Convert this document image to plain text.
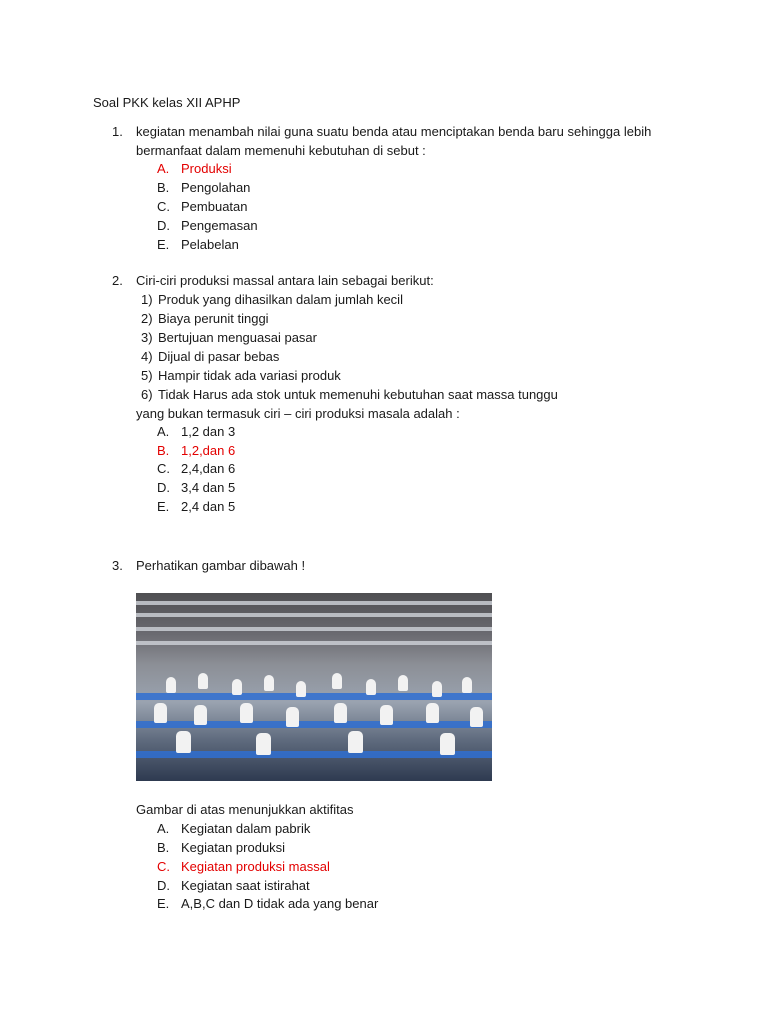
Soal PKK kelas XII APHP
1. kegiatan menambah nilai guna suatu benda atau menciptakan benda baru sehingga lebih bermanfaat dalam memenuhi kebutuhan di sebut :
A. Produksi
B. Pengolahan
C. Pembuatan
D. Pengemasan
E. Pelabelan
2. Ciri-ciri produksi massal antara lain sebagai berikut:
1) Produk yang dihasilkan dalam jumlah kecil
2) Biaya perunit tinggi
3) Bertujuan menguasai pasar
4) Dijual di pasar bebas
5) Hampir tidak ada variasi produk
6) Tidak Harus ada stok untuk memenuhi kebutuhan saat massa tunggu
yang bukan termasuk ciri – ciri produksi masala adalah :
A. 1,2 dan 3
B. 1,2,dan 6
C. 2,4,dan 6
D. 3,4 dan 5
E. 2,4 dan 5
3. Perhatikan gambar dibawah !
Gambar di atas menunjukkan aktifitas
A. Kegiatan dalam pabrik
B. Kegiatan produksi
C. Kegiatan produksi massal
D. Kegiatan saat istirahat
E. A,B,C dan D tidak ada yang benar
